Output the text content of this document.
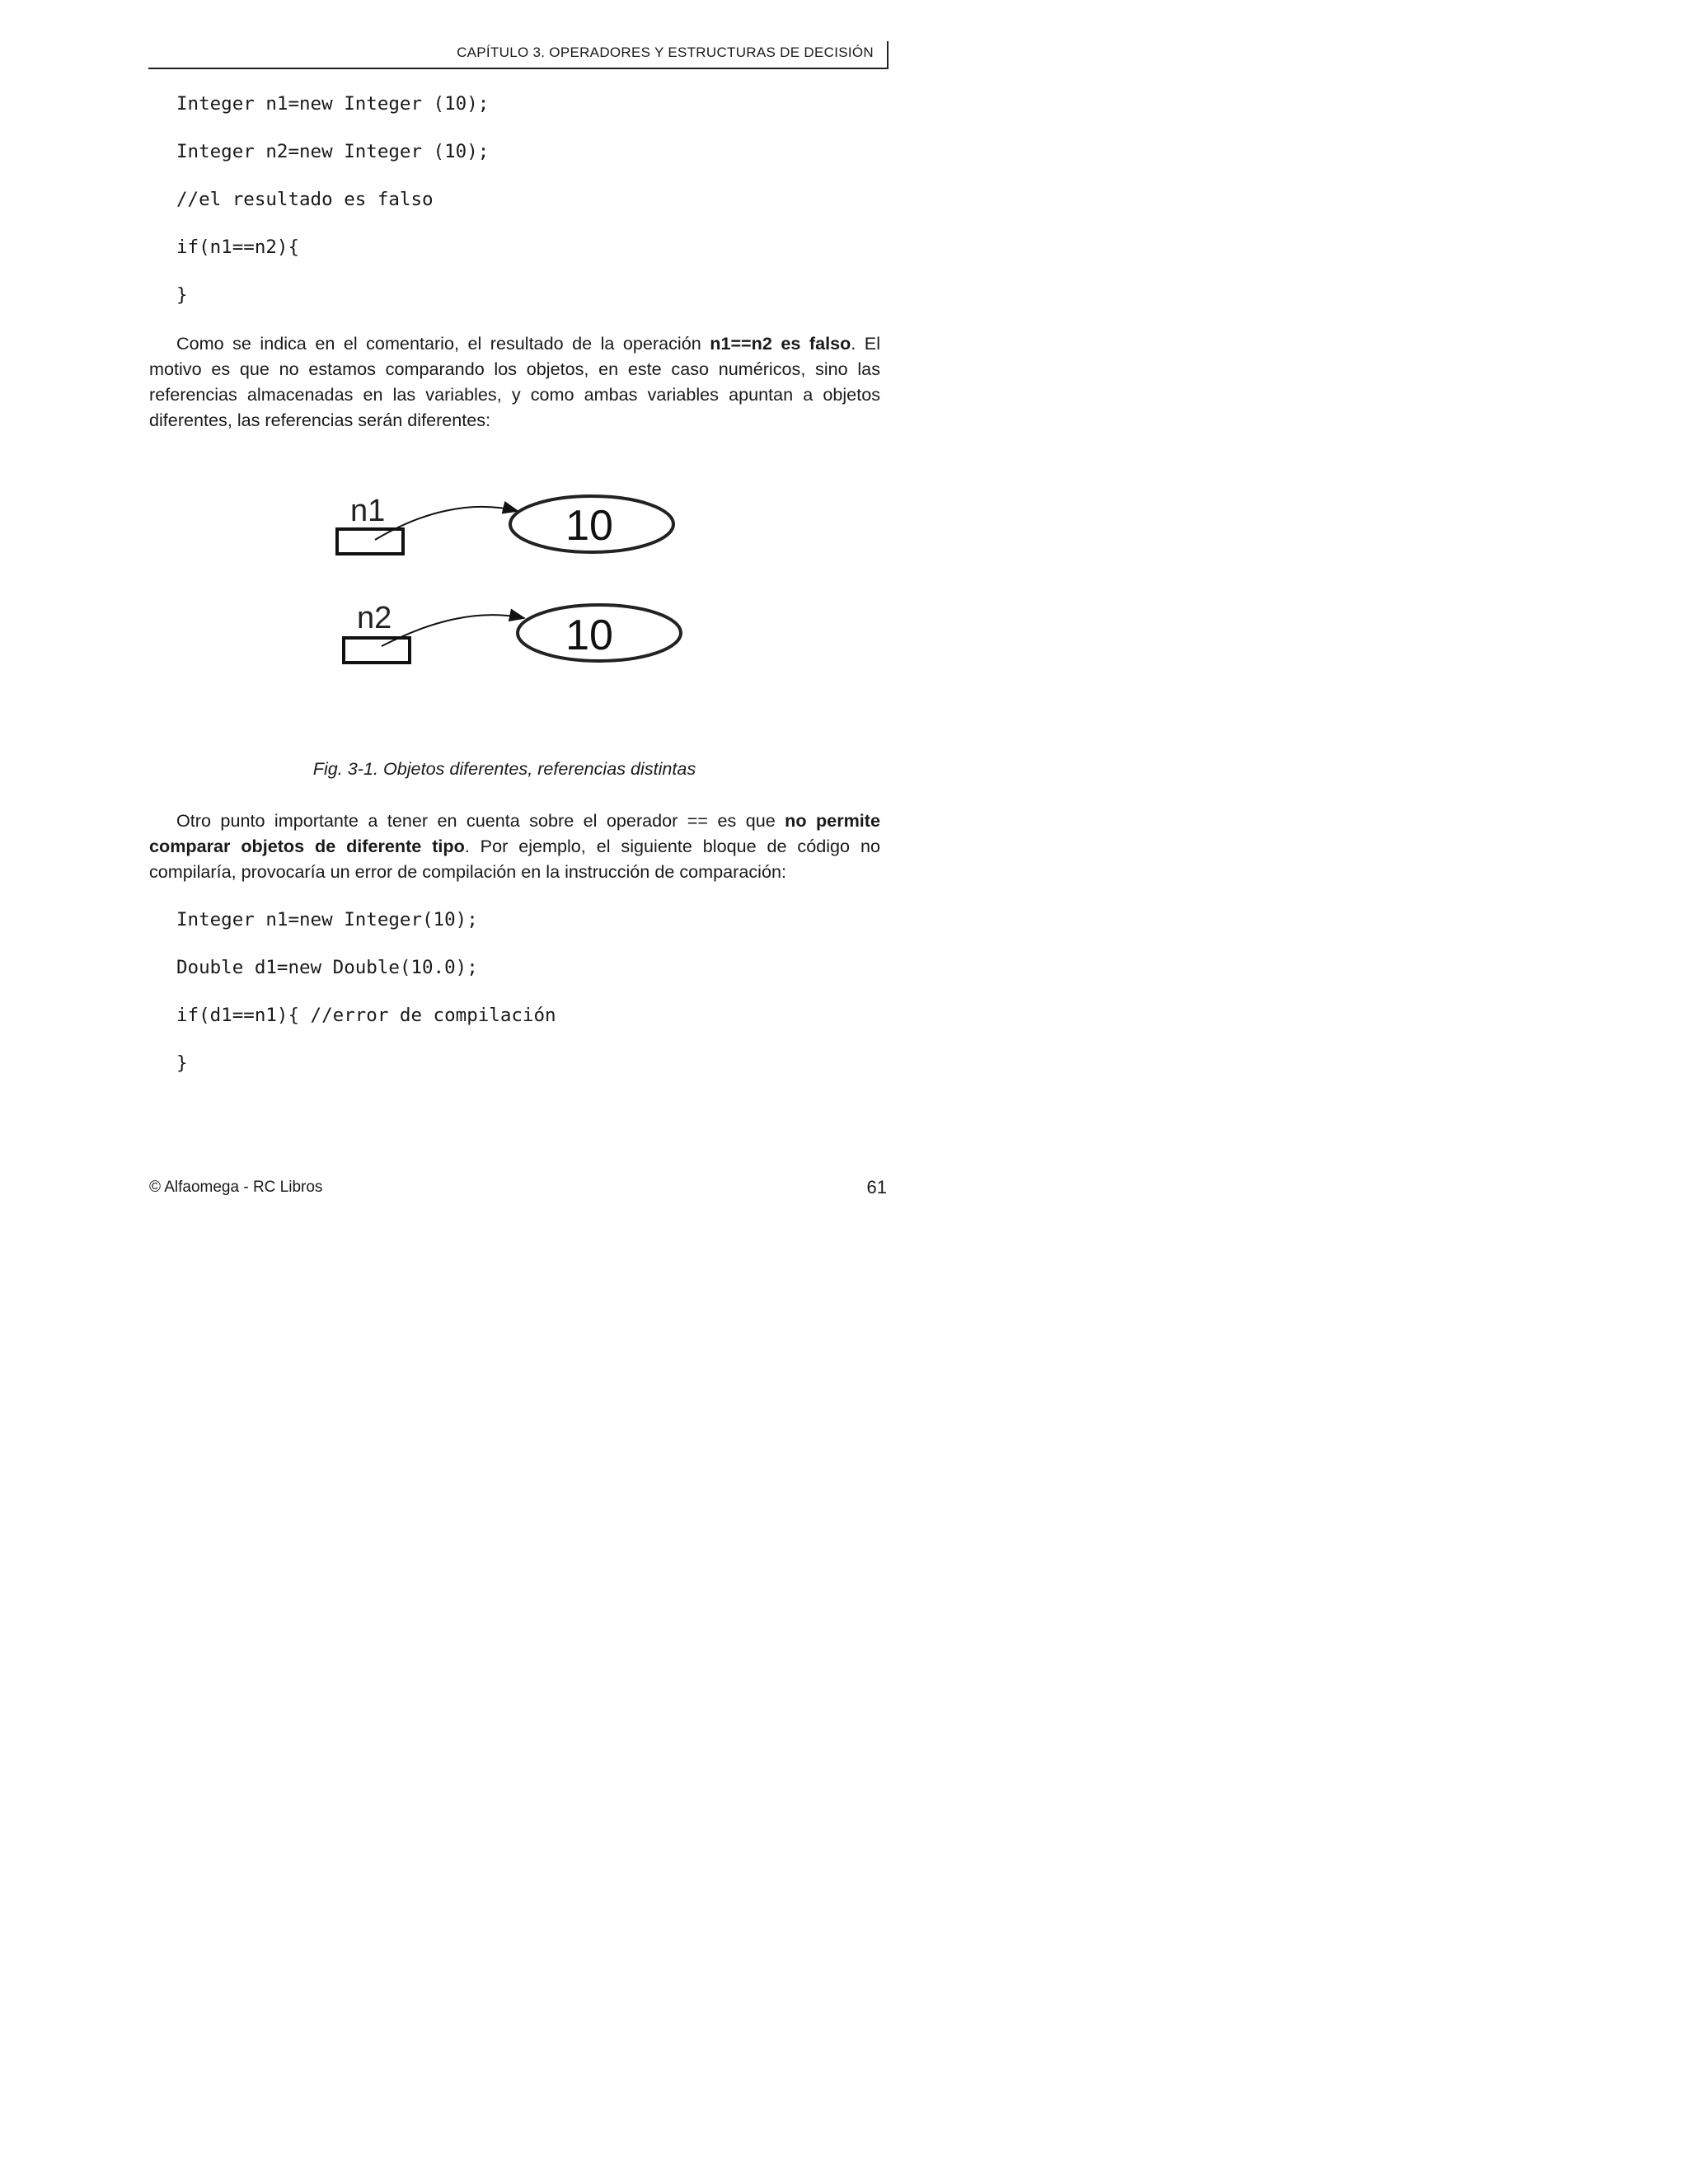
CAPÍTULO 3. OPERADORES Y ESTRUCTURAS DE DECISIÓN
Integer n1=new Integer (10);
Integer n2=new Integer (10);
//el resultado es falso
if(n1==n2){
}

Como se indica en el comentario, el resultado de la operación n1==n2 es falso. El motivo es que no estamos comparando los objetos, en este caso numéricos, sino las referencias almacenadas en las variables, y como ambas variables apuntan a objetos diferentes, las referencias serán diferentes:

n1	10
n2	10
Fig. 3-1. Objetos diferentes, referencias distintas

Otro punto importante a tener en cuenta sobre el operador == es que no permite comparar objetos de diferente tipo. Por ejemplo, el siguiente bloque de código no compilaría, provocaría un error de compilación en la instrucción de comparación:

Integer n1=new Integer(10);
Double d1=new Double(10.0);
if(d1==n1){ //error de compilación
}
© Alfaomega - RC Libros	61
